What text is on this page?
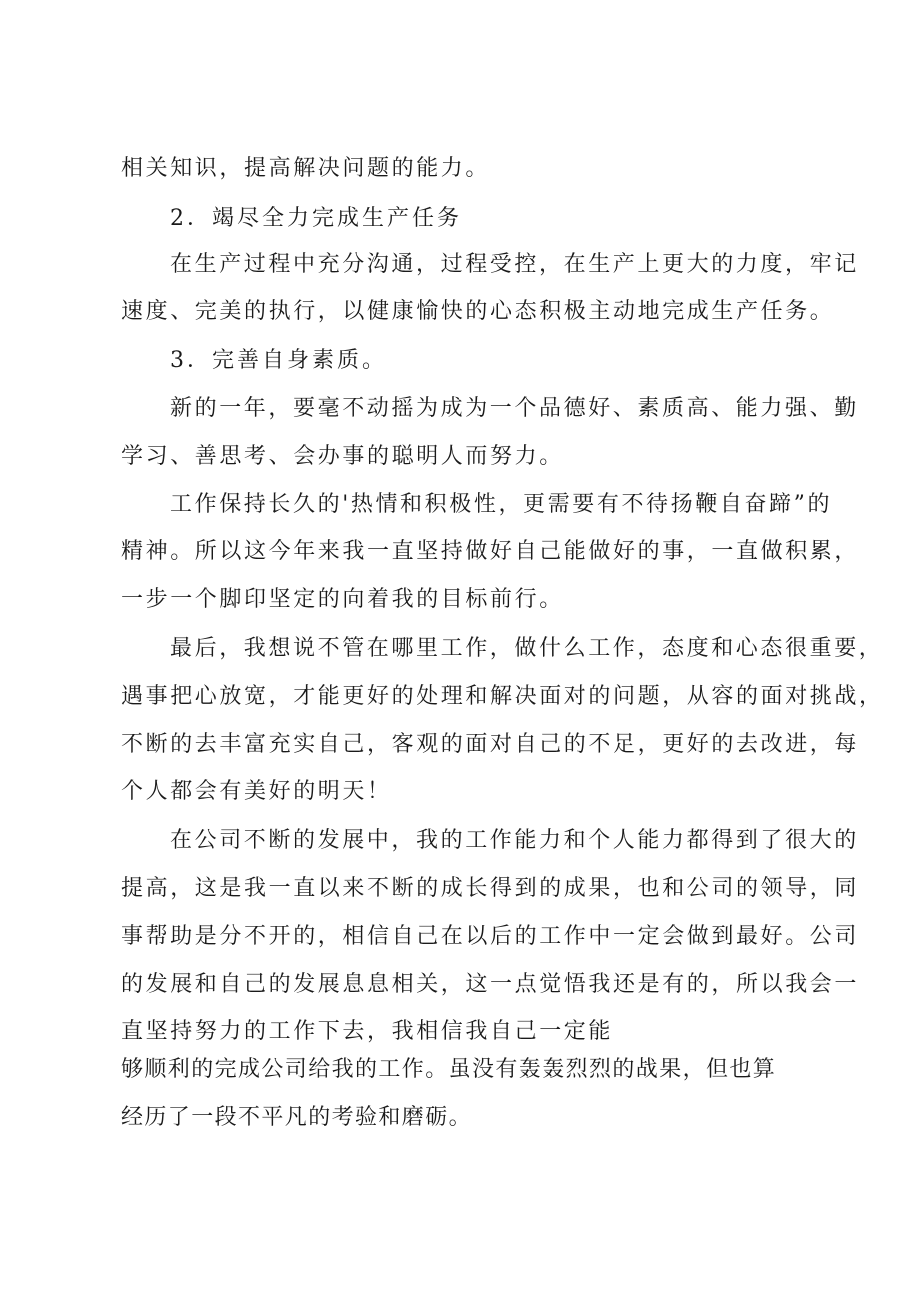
相关知识，提高解决问题的能力。
2．竭尽全力完成生产任务
在生产过程中充分沟通，过程受控，在生产上更大的力度，牢记
速度、完美的执行，以健康愉快的心态积极主动地完成生产任务。
3．完善自身素质。
新的一年，要毫不动摇为成为一个品德好、素质高、能力强、勤
学习、善思考、会办事的聪明人而努力。
工作保持长久的'热情和积极性，更需要有不待扬鞭自奋蹄”的
精神。所以这今年来我一直坚持做好自己能做好的事，一直做积累，
一步一个脚印坚定的向着我的目标前行。
最后，我想说不管在哪里工作，做什么工作，态度和心态很重要，
遇事把心放宽，才能更好的处理和解决面对的问题，从容的面对挑战，
不断的去丰富充实自己，客观的面对自己的不足，更好的去改进，每
个人都会有美好的明天！
在公司不断的发展中，我的工作能力和个人能力都得到了很大的
提高，这是我一直以来不断的成长得到的成果，也和公司的领导，同
事帮助是分不开的，相信自己在以后的工作中一定会做到最好。公司
的发展和自己的发展息息相关，这一点觉悟我还是有的，所以我会一
直坚持努力的工作下去，我相信我自己一定能
够顺利的完成公司给我的工作。虽没有轰轰烈烈的战果，但也算
经历了一段不平凡的考验和磨砺。
